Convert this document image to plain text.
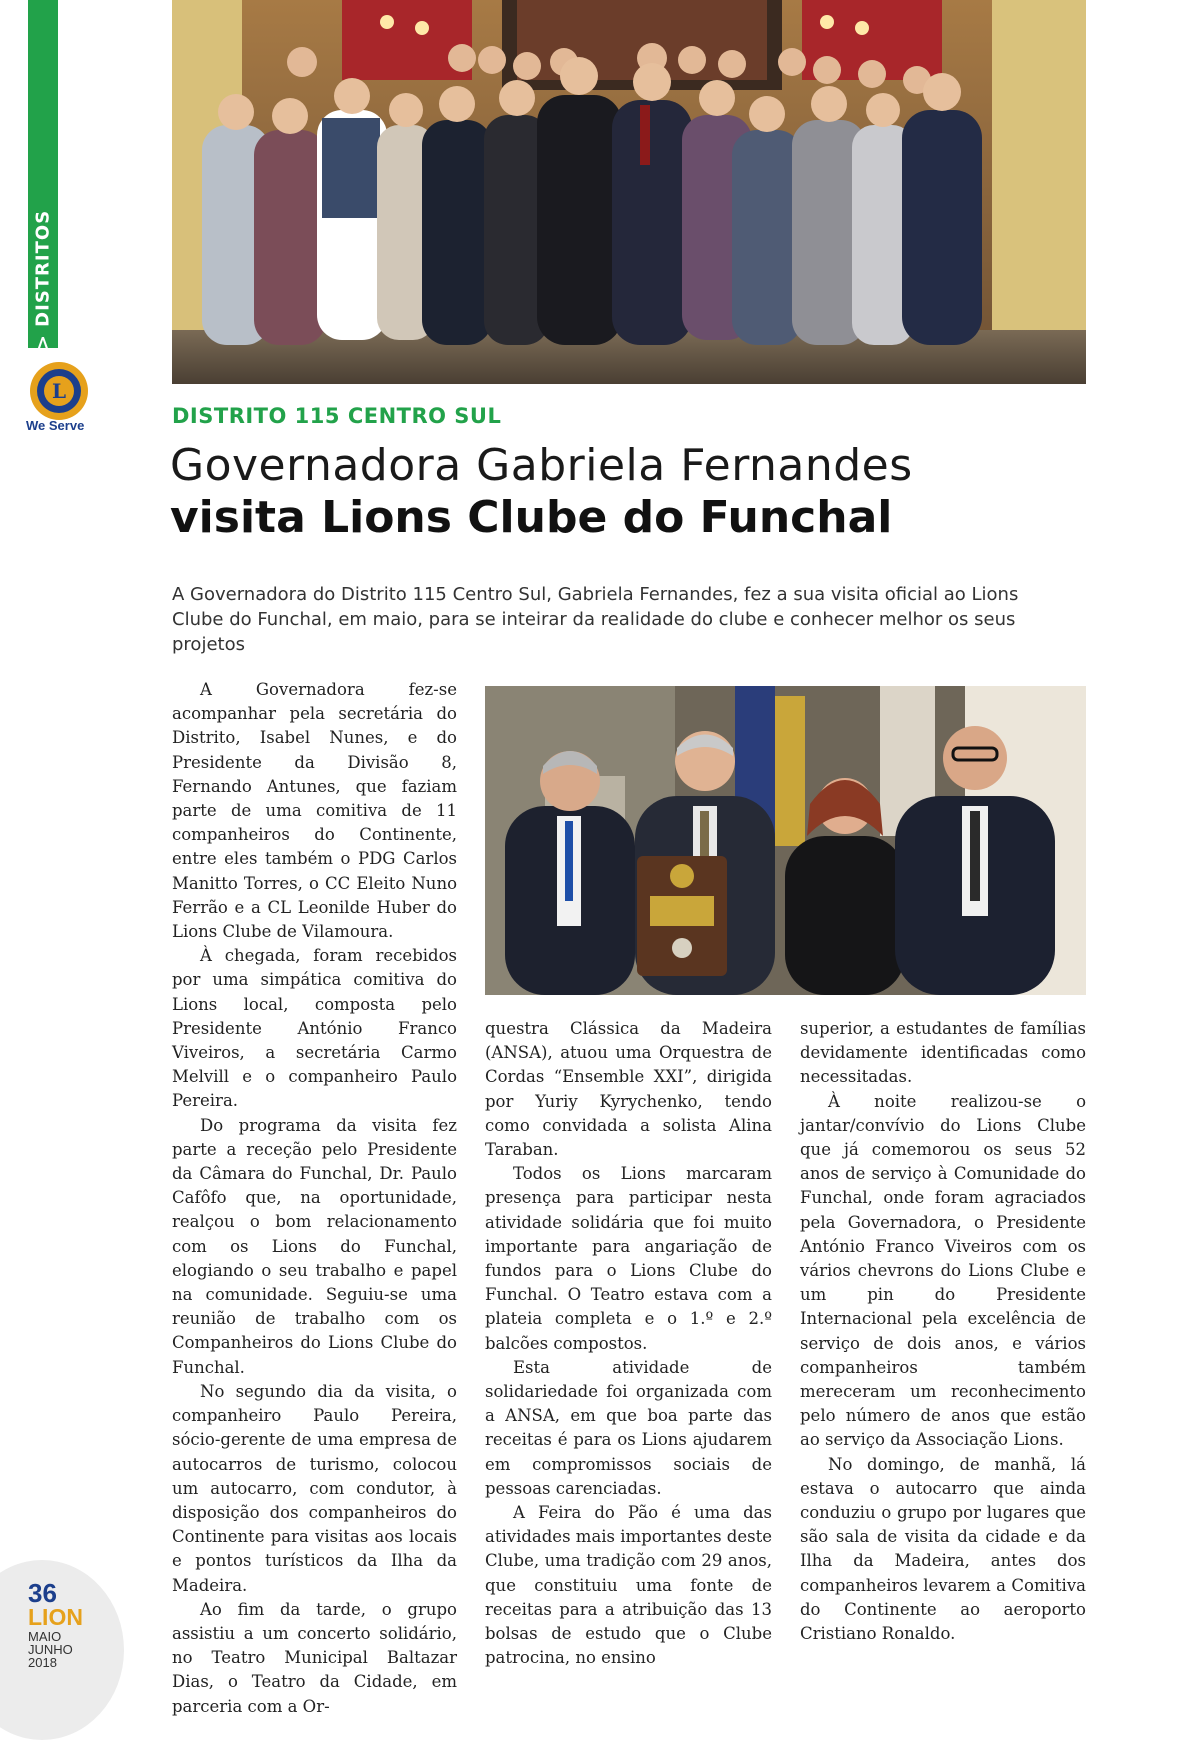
> DISTRITOS
L
We Serve	DISTRITO 115 CENTRO SUL
Governadora Gabriela Fernandes
visita Lions Clube do Funchal

A Governadora do Distrito 115 Centro Sul, Gabriela Fernandes, fez a sua visita oficial ao Lions Clube do Funchal, em maio, para se inteirar da realidade do clube e conhecer melhor os seus projetos

A Governadora fez-se acompanhar pela secretária do Distrito, Isabel Nunes, e do Presidente da Divisão 8, Fernando Antunes, que faziam parte de uma comitiva de 11 companheiros do Continente, entre eles também o PDG Carlos Manitto Torres, o CC Eleito Nuno Ferrão e a CL Leonilde Huber do Lions Clube de Vilamoura.

À chegada, foram recebidos por uma simpática comitiva do Lions local, composta pelo Presidente António Franco Viveiros, a secretária Carmo Melvill e o companheiro Paulo Pereira.

Do programa da visita fez parte a receção pelo Presidente da Câmara do Funchal, Dr. Paulo Cafôfo que, na oportunidade, realçou o bom relacionamento com os Lions do Funchal, elogiando o seu trabalho e papel na comunidade. Seguiu-se uma reunião de trabalho com os Companheiros do Lions Clube do Funchal.

No segundo dia da visita, o companheiro Paulo Pereira, sócio-gerente de uma empresa de autocarros de turismo, colocou um autocarro, com condutor, à disposição dos companheiros do Continente para visitas aos locais e pontos turísticos da Ilha da Madeira.

Ao fim da tarde, o grupo assistiu a um concerto solidário, no Teatro Municipal Baltazar Dias, o Teatro da Cidade, em parceria com a Or-

questra Clássica da Madeira (ANSA), atuou uma Orquestra de Cordas “Ensemble XXI”, dirigida por Yuriy Kyrychenko, tendo como convidada a solista Alina Taraban.

Todos os Lions marcaram presença para participar nesta atividade solidária que foi muito importante para angariação de fundos para o Lions Clube do Funchal. O Teatro estava com a plateia completa e o 1.º e 2.º balcões compostos.

Esta atividade de solidariedade foi organizada com a ANSA, em que boa parte das receitas é para os Lions ajudarem em compromissos sociais de pessoas carenciadas.

A Feira do Pão é uma das atividades mais importantes deste Clube, uma tradição com 29 anos, que constituiu uma fonte de receitas para a atribuição das 13 bolsas de estudo que o Clube patrocina, no ensino

superior, a estudantes de famílias devidamente identificadas como necessitadas.

À noite realizou-se o jantar/convívio do Lions Clube que já comemorou os seus 52 anos de serviço à Comunidade do Funchal, onde foram agraciados pela Governadora, o Presidente António Franco Viveiros com os vários chevrons do Lions Clube e um pin do Presidente Internacional pela excelência de serviço de dois anos, e vários companheiros também mereceram um reconhecimento pelo número de anos que estão ao serviço da Associação Lions.

No domingo, de manhã, lá estava o autocarro que ainda conduziu o grupo por lugares que são sala de visita da cidade e da Ilha da Madeira, antes dos companheiros levarem a Comitiva do Continente ao aeroporto Cristiano Ronaldo.

36
LION
MAIO
JUNHO
2018
